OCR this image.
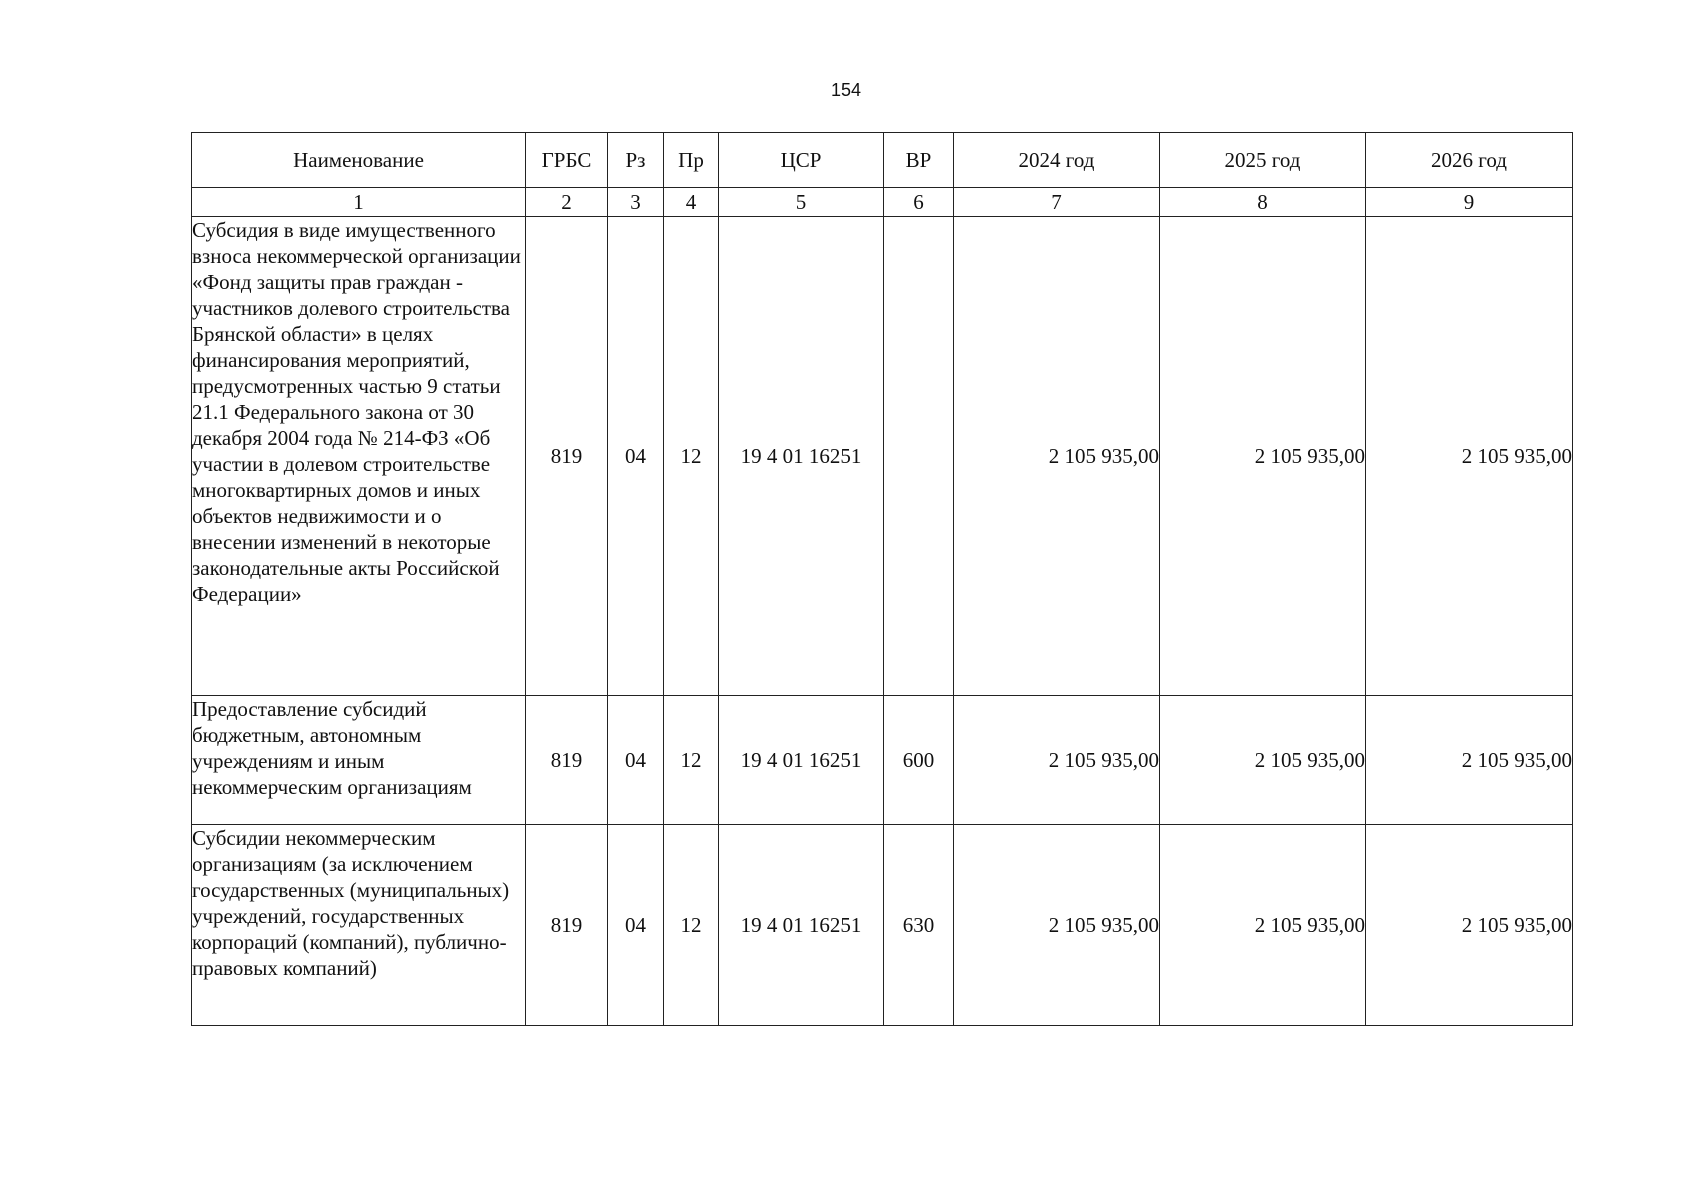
154
Наименование	ГРБС	Рз	Пр	ЦСР	ВР	2024 год	2025 год	2026 год
1	2	3	4	5	6	7	8	9
Субсидия в виде имущественного взноса некоммерческой организации «Фонд защиты прав граждан - участников долевого строительства Брянской области» в целях финансирования мероприятий, предусмотренных частью 9 статьи 21.1 Федерального закона от 30 декабря 2004 года № 214-ФЗ «Об участии в долевом строительстве многоквартирных домов и иных объектов недвижимости и о внесении изменений в некоторые законодательные акты Российской Федерации»	819	04	12	19 4 01 16251		2 105 935,00	2 105 935,00	2 105 935,00
Предоставление субсидий бюджетным, автономным учреждениям и иным некоммерческим организациям	819	04	12	19 4 01 16251	600	2 105 935,00	2 105 935,00	2 105 935,00
Субсидии некоммерческим организациям (за исключением государственных (муниципальных) учреждений, государственных корпораций (компаний), публично-правовых компаний)	819	04	12	19 4 01 16251	630	2 105 935,00	2 105 935,00	2 105 935,00
